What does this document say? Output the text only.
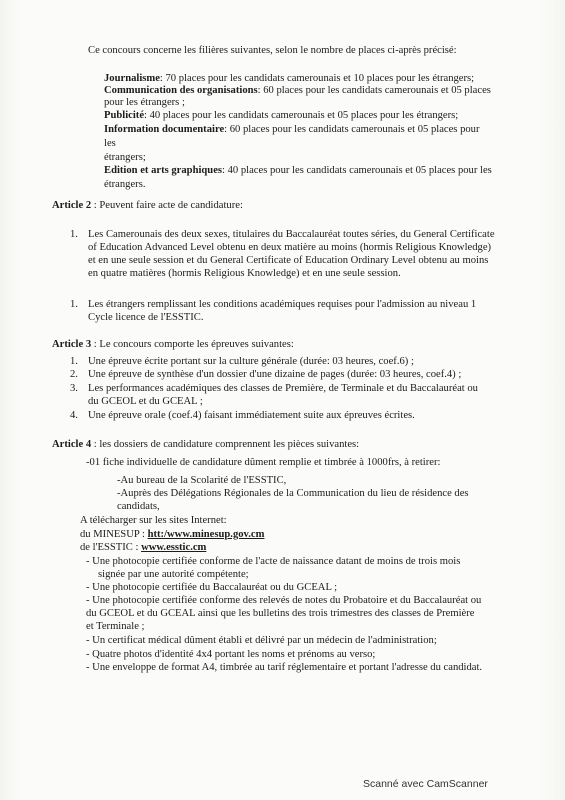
Ce concours concerne les filières suivantes, selon le nombre de places ci-après précisé:
Journalisme: 70 places pour les candidats camerounais et 10 places pour les étrangers;
Communication des organisations: 60 places pour les candidats camerounais et 05 places
pour les étrangers ;
Publicité: 40 places pour les candidats camerounais et 05 places pour les étrangers;
Information documentaire: 60 places pour les candidats camerounais et 05 places pour
les
étrangers;
Edition et arts graphiques: 40 places pour les candidats camerounais et 05 places pour les
étrangers.
Article 2 : Peuvent faire acte de candidature:
1. Les Camerounais des deux sexes, titulaires du Baccalauréat toutes séries, du General Certificate
of Education Advanced Level obtenu en deux matière au moins (hormis Religious Knowledge)
et en une seule session et du General Certificate of Education Ordinary Level obtenu au moins
en quatre matières (hormis Religious Knowledge) et en une seule session.
1. Les étrangers remplissant les conditions académiques requises pour l'admission au niveau 1
Cycle licence de l'ESSTIC.
Article 3 : Le concours comporte les épreuves suivantes:
1. Une épreuve écrite portant sur la culture générale (durée: 03 heures, coef.6) ;
2. Une épreuve de synthèse d'un dossier d'une dizaine de pages (durée: 03 heures, coef.4) ;
3. Les performances académiques des classes de Première, de Terminale et du Baccalauréat ou
du GCEOL et du GCEAL ;
4. Une épreuve orale (coef.4) faisant immédiatement suite aux épreuves écrites.
Article 4 : les dossiers de candidature comprennent les pièces suivantes:
-01 fiche individuelle de candidature dûment remplie et timbrée à 1000frs, à retirer:
-Au bureau de la Scolarité de l'ESSTIC,
-Auprès des Délégations Régionales de la Communication du lieu de résidence des
candidats,
A télécharger sur les sites Internet:
du MINESUP : htt:/www.minesup.gov.cm
de l'ESSTIC : www.esstic.cm
- Une photocopie certifiée conforme de l'acte de naissance datant de moins de trois mois
signée par une autorité compétente;
- Une photocopie certifiée du Baccalauréat ou du GCEAL ;
- Une photocopie certifiée conforme des relevés de notes du Probatoire et du Baccalauréat ou
du GCEOL et du GCEAL ainsi que les bulletins des trois trimestres des classes de Première
et Terminale ;
- Un certificat médical dûment établi et délivré par un médecin de l'administration;
- Quatre photos d'identité 4x4 portant les noms et prénoms au verso;
- Une enveloppe de format A4, timbrée au tarif réglementaire et portant l'adresse du candidat.
Scanné avec CamScanner
